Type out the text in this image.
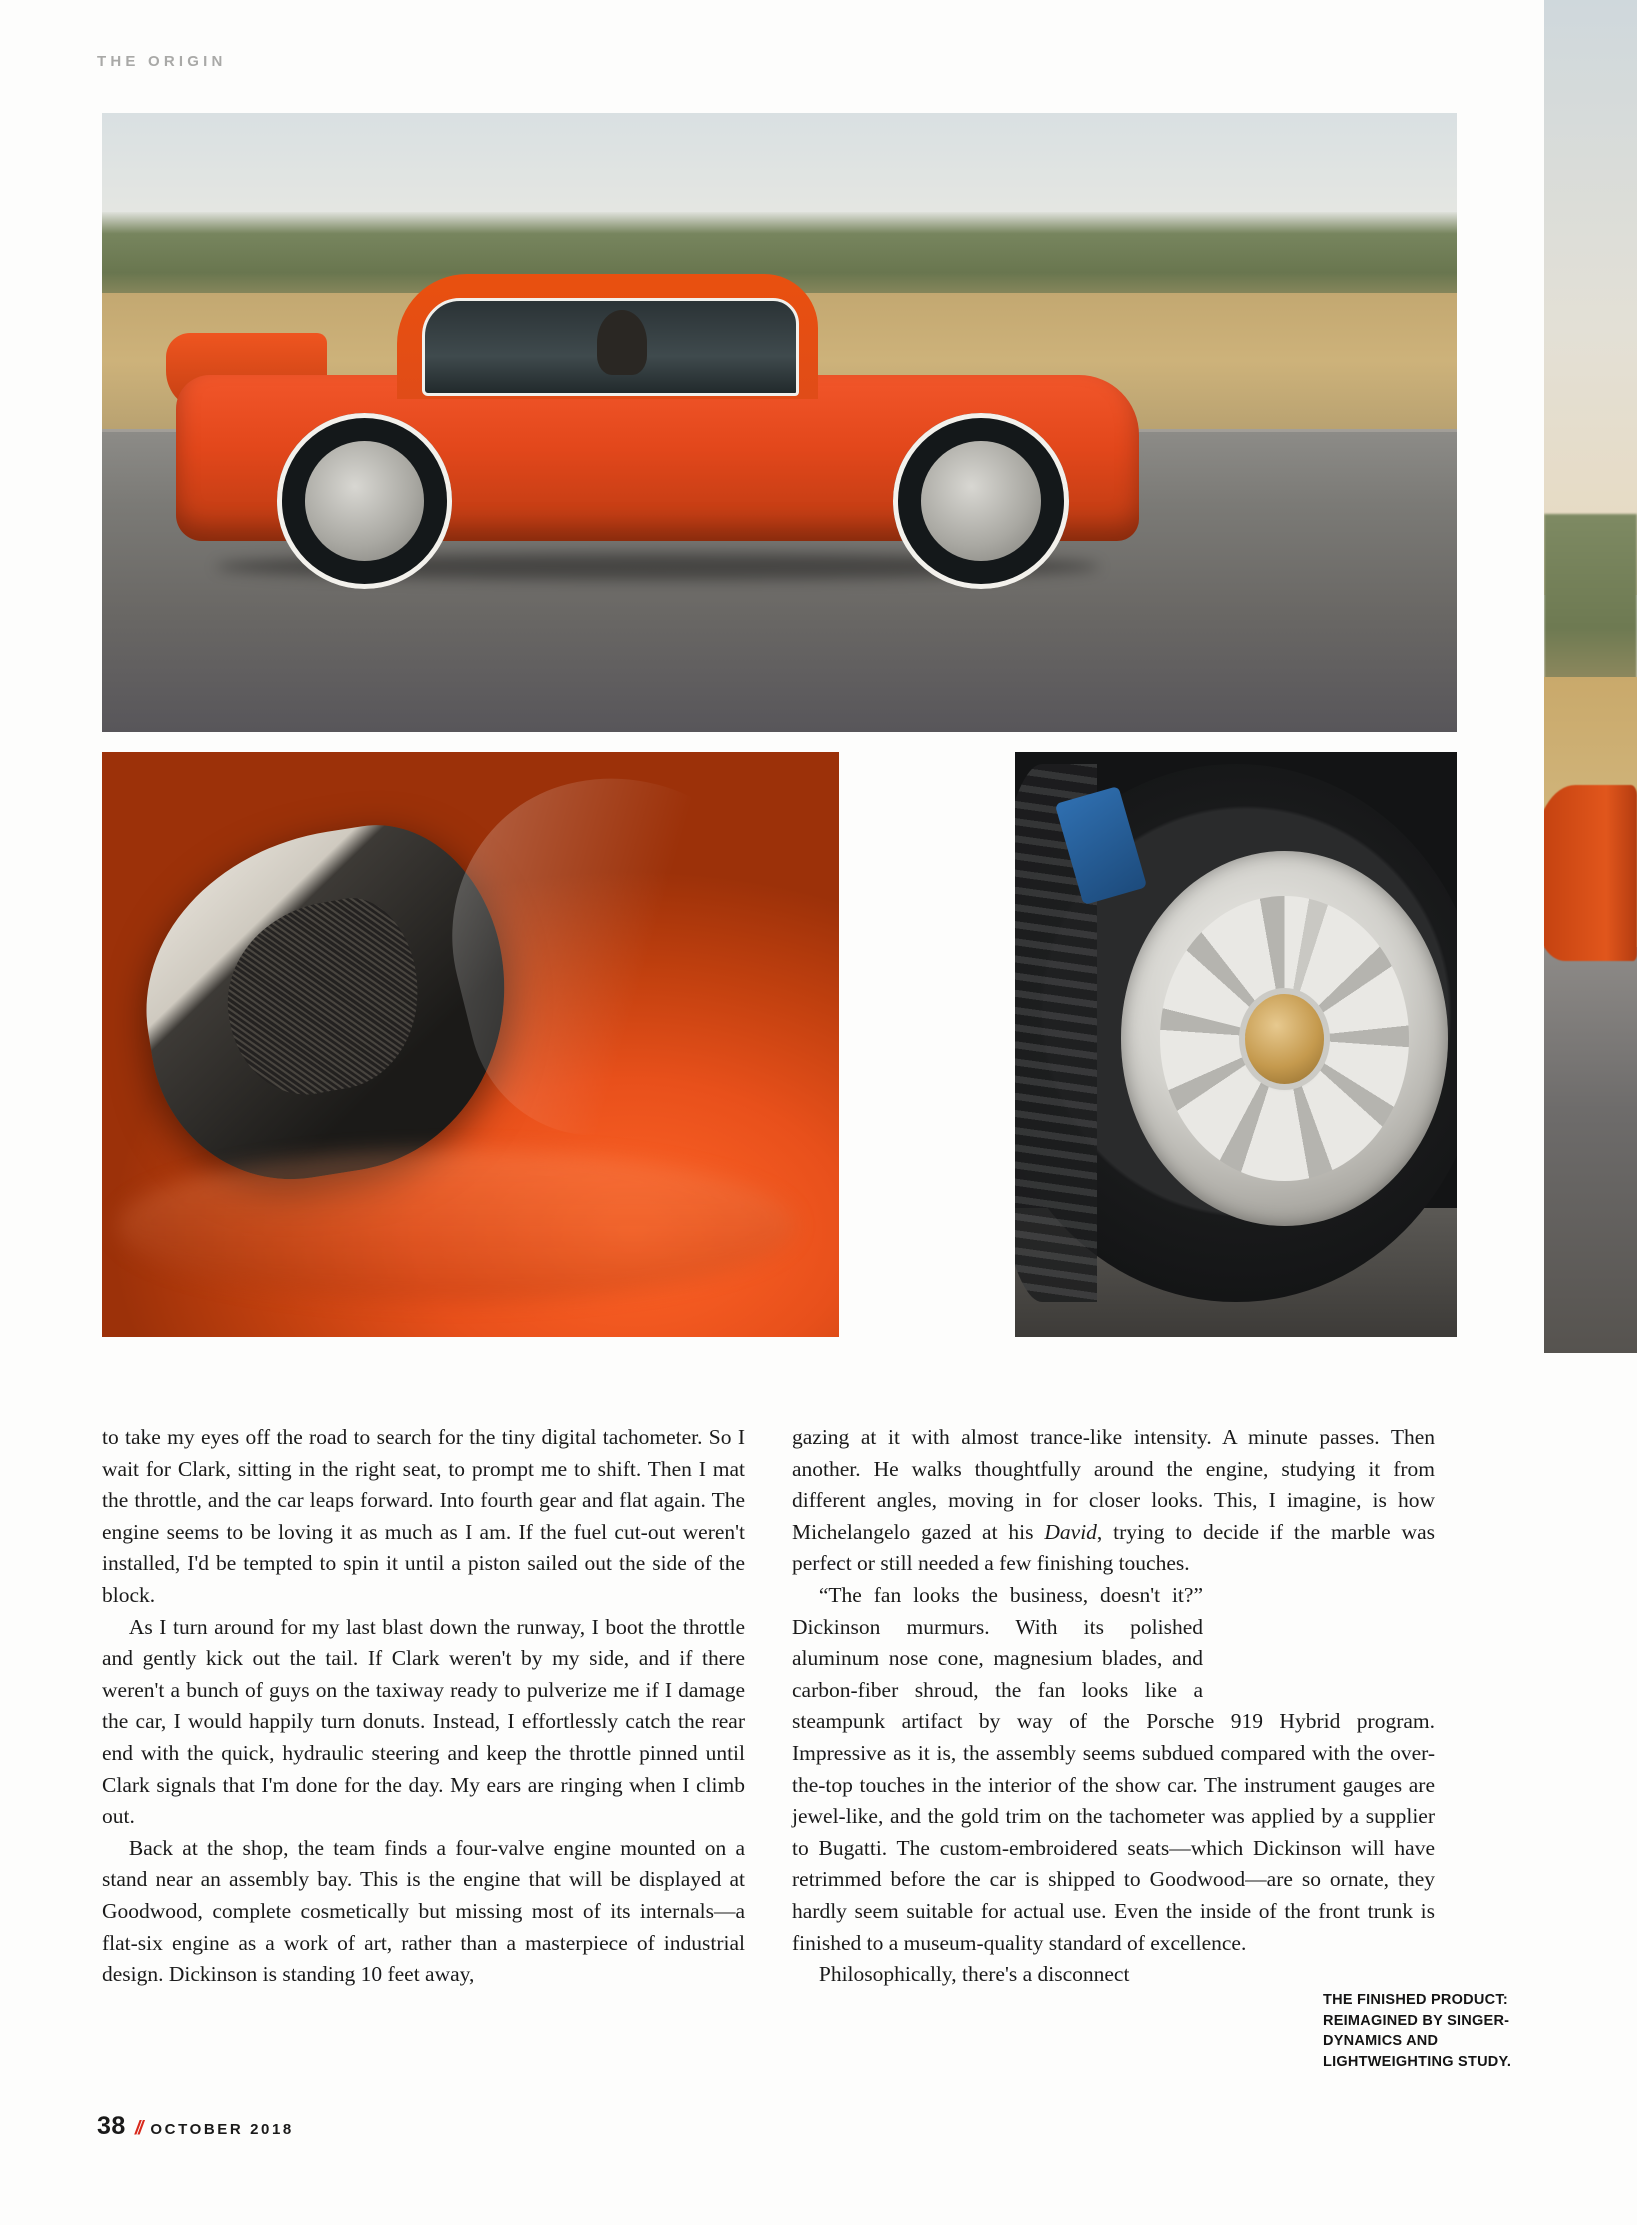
THE ORIGIN

to take my eyes off the road to search for the tiny digital tachometer. So I wait for Clark, sitting in the right seat, to prompt me to shift. Then I mat the throttle, and the car leaps forward. Into fourth gear and flat again. The engine seems to be loving it as much as I am. If the fuel cut-out weren't installed, I'd be tempted to spin it until a piston sailed out the side of the block.

As I turn around for my last blast down the runway, I boot the throttle and gently kick out the tail. If Clark weren't by my side, and if there weren't a bunch of guys on the taxiway ready to pulverize me if I damage the car, I would happily turn donuts. Instead, I effortlessly catch the rear end with the quick, hydraulic steering and keep the throttle pinned until Clark signals that I'm done for the day. My ears are ringing when I climb out.

Back at the shop, the team finds a four-valve engine mounted on a stand near an assembly bay. This is the engine that will be displayed at Goodwood, complete cosmetically but missing most of its internals—a flat-six engine as a work of art, rather than a masterpiece of industrial design. Dickinson is standing 10 feet away,

gazing at it with almost trance-like intensity. A minute passes. Then another. He walks thoughtfully around the engine, studying it from different angles, moving in for closer looks. This, I imagine, is how Michelangelo gazed at his David, trying to decide if the marble was perfect or still needed a few finishing touches.

“The fan looks the business, doesn't it?” Dickinson murmurs. With its polished aluminum nose cone, magnesium blades, and carbon-fiber shroud, the fan looks like a steampunk artifact by way of the Porsche 919 Hybrid program. Impressive as it is, the assembly seems subdued compared with the over-the-top touches in the interior of the show car. The instrument gauges are jewel-like, and the gold trim on the tachometer was applied by a supplier to Bugatti. The custom-embroidered seats—which Dickinson will have retrimmed before the car is shipped to Goodwood—are so ornate, they hardly seem suitable for actual use. Even the inside of the front trunk is finished to a museum-quality standard of excellence.

Philosophically, there's a disconnect

THE FINISHED PRODUCT: REIMAGINED BY SINGER-DYNAMICS AND LIGHTWEIGHTING STUDY.
38 // OCTOBER 2018
